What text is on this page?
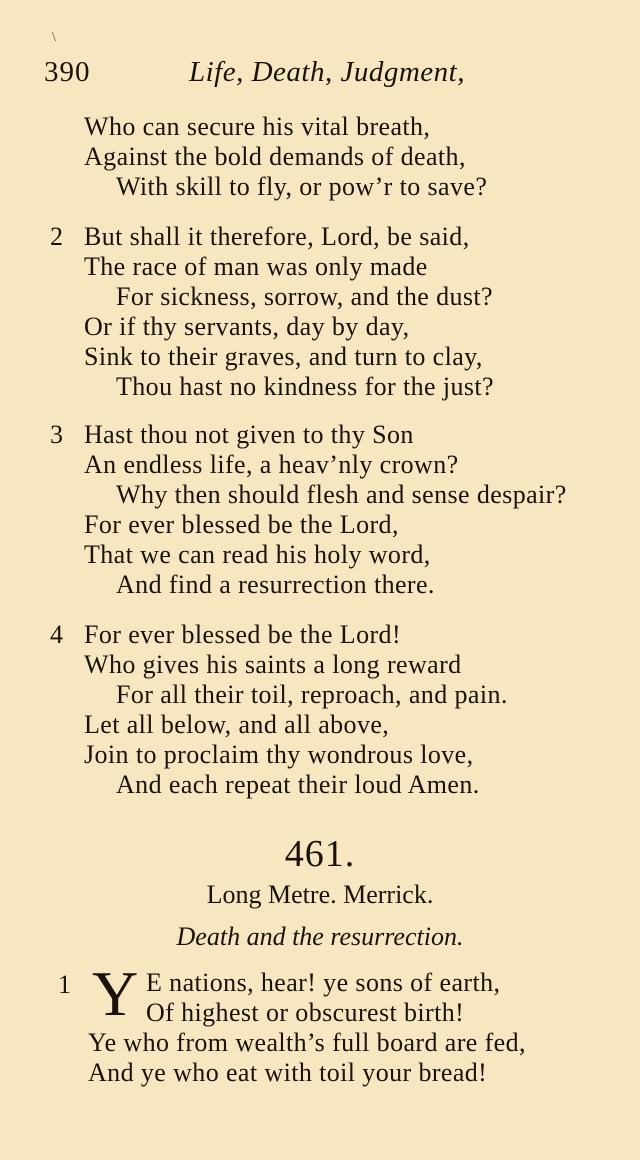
\
390	Life, Death, Judgment,
Who can secure his vital breath,
Against the bold demands of death,
With skill to fly, or pow’r to save?
2 But shall it therefore, Lord, be said,
The race of man was only made
For sickness, sorrow, and the dust?
Or if thy servants, day by day,
Sink to their graves, and turn to clay,
Thou hast no kindness for the just?
3 Hast thou not given to thy Son
An endless life, a heav’nly crown?
Why then should flesh and sense despair?
For ever blessed be the Lord,
That we can read his holy word,
And find a resurrection there.
4 For ever blessed be the Lord!
Who gives his saints a long reward
For all their toil, reproach, and pain.
Let all below, and all above,
Join to proclaim thy wondrous love,
And each repeat their loud Amen.
461.
Long Metre. Merrick.
Death and the resurrection.
1 Y E nations, hear! ye sons of earth,
Of highest or obscurest birth!
Ye who from wealth’s full board are fed,
And ye who eat with toil your bread!
